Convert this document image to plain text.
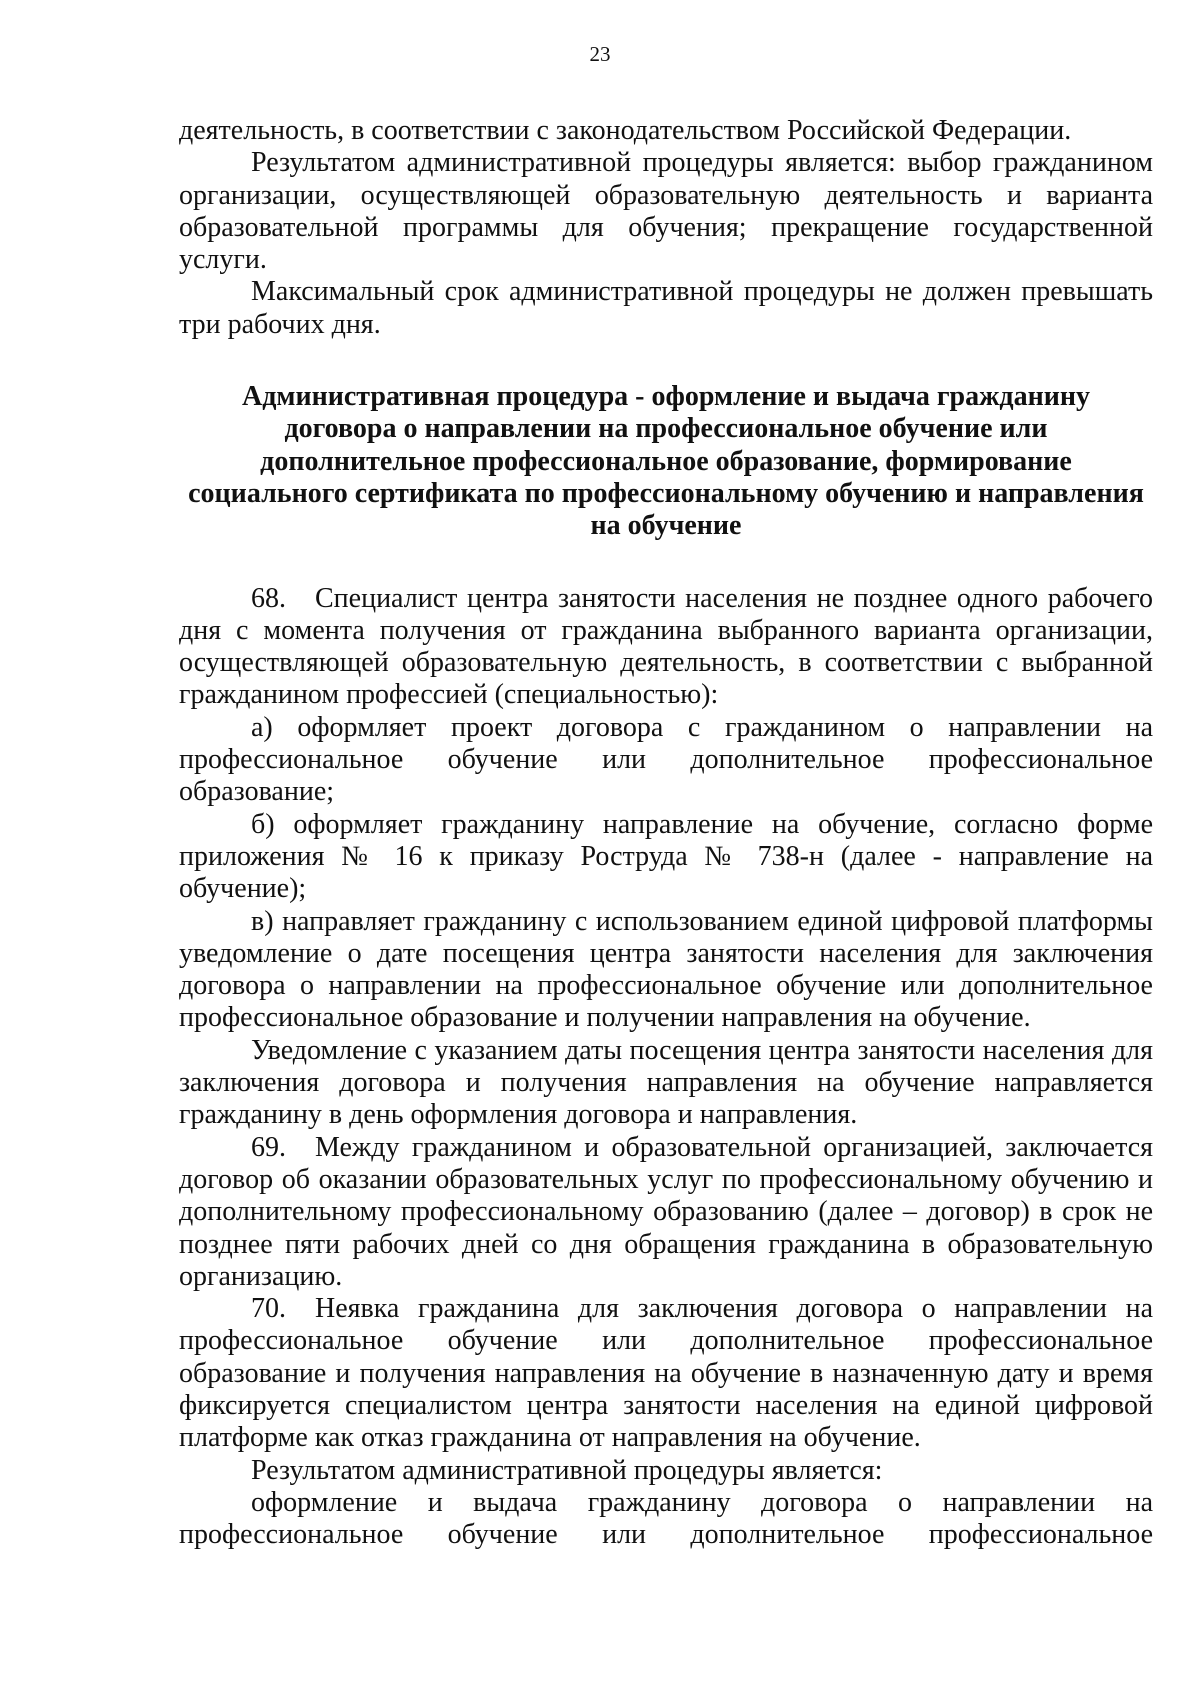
23

деятельность, в соответствии с законодательством Российской Федерации.

Результатом административной процедуры является: выбор гражданином организации, осуществляющей образовательную деятельность и варианта образовательной программы для обучения; прекращение государственной услуги.

Максимальный срок административной процедуры не должен превышать три рабочих дня.

Административная процедура - оформление и выдача гражданину
договора о направлении на профессиональное обучение или
дополнительное профессиональное образование, формирование
социального сертификата по профессиональному обучению и направления
на обучение

68. Специалист центра занятости населения не позднее одного рабочего дня с момента получения от гражданина выбранного варианта организации, осуществляющей образовательную деятельность, в соответствии с выбранной гражданином профессией (специальностью):

а) оформляет проект договора с гражданином о направлении на профессиональное обучение или дополнительное профессиональное образование;

б) оформляет гражданину направление на обучение, согласно форме приложения № 16 к приказу Роструда № 738-н (далее - направление на обучение);

в) направляет гражданину с использованием единой цифровой платформы уведомление о дате посещения центра занятости населения для заключения договора о направлении на профессиональное обучение или дополнительное профессиональное образование и получении направления на обучение.

Уведомление с указанием даты посещения центра занятости населения для заключения договора и получения направления на обучение направляется гражданину в день оформления договора и направления.

69. Между гражданином и образовательной организацией, заключается договор об оказании образовательных услуг по профессиональному обучению и дополнительному профессиональному образованию (далее – договор) в срок не позднее пяти рабочих дней со дня обращения гражданина в образовательную организацию.

70. Неявка гражданина для заключения договора о направлении на профессиональное обучение или дополнительное профессиональное образование и получения направления на обучение в назначенную дату и время фиксируется специалистом центра занятости населения на единой цифровой платформе как отказ гражданина от направления на обучение.

Результатом административной процедуры является:

оформление и выдача гражданину договора о направлении на профессиональное обучение или дополнительное профессиональное
